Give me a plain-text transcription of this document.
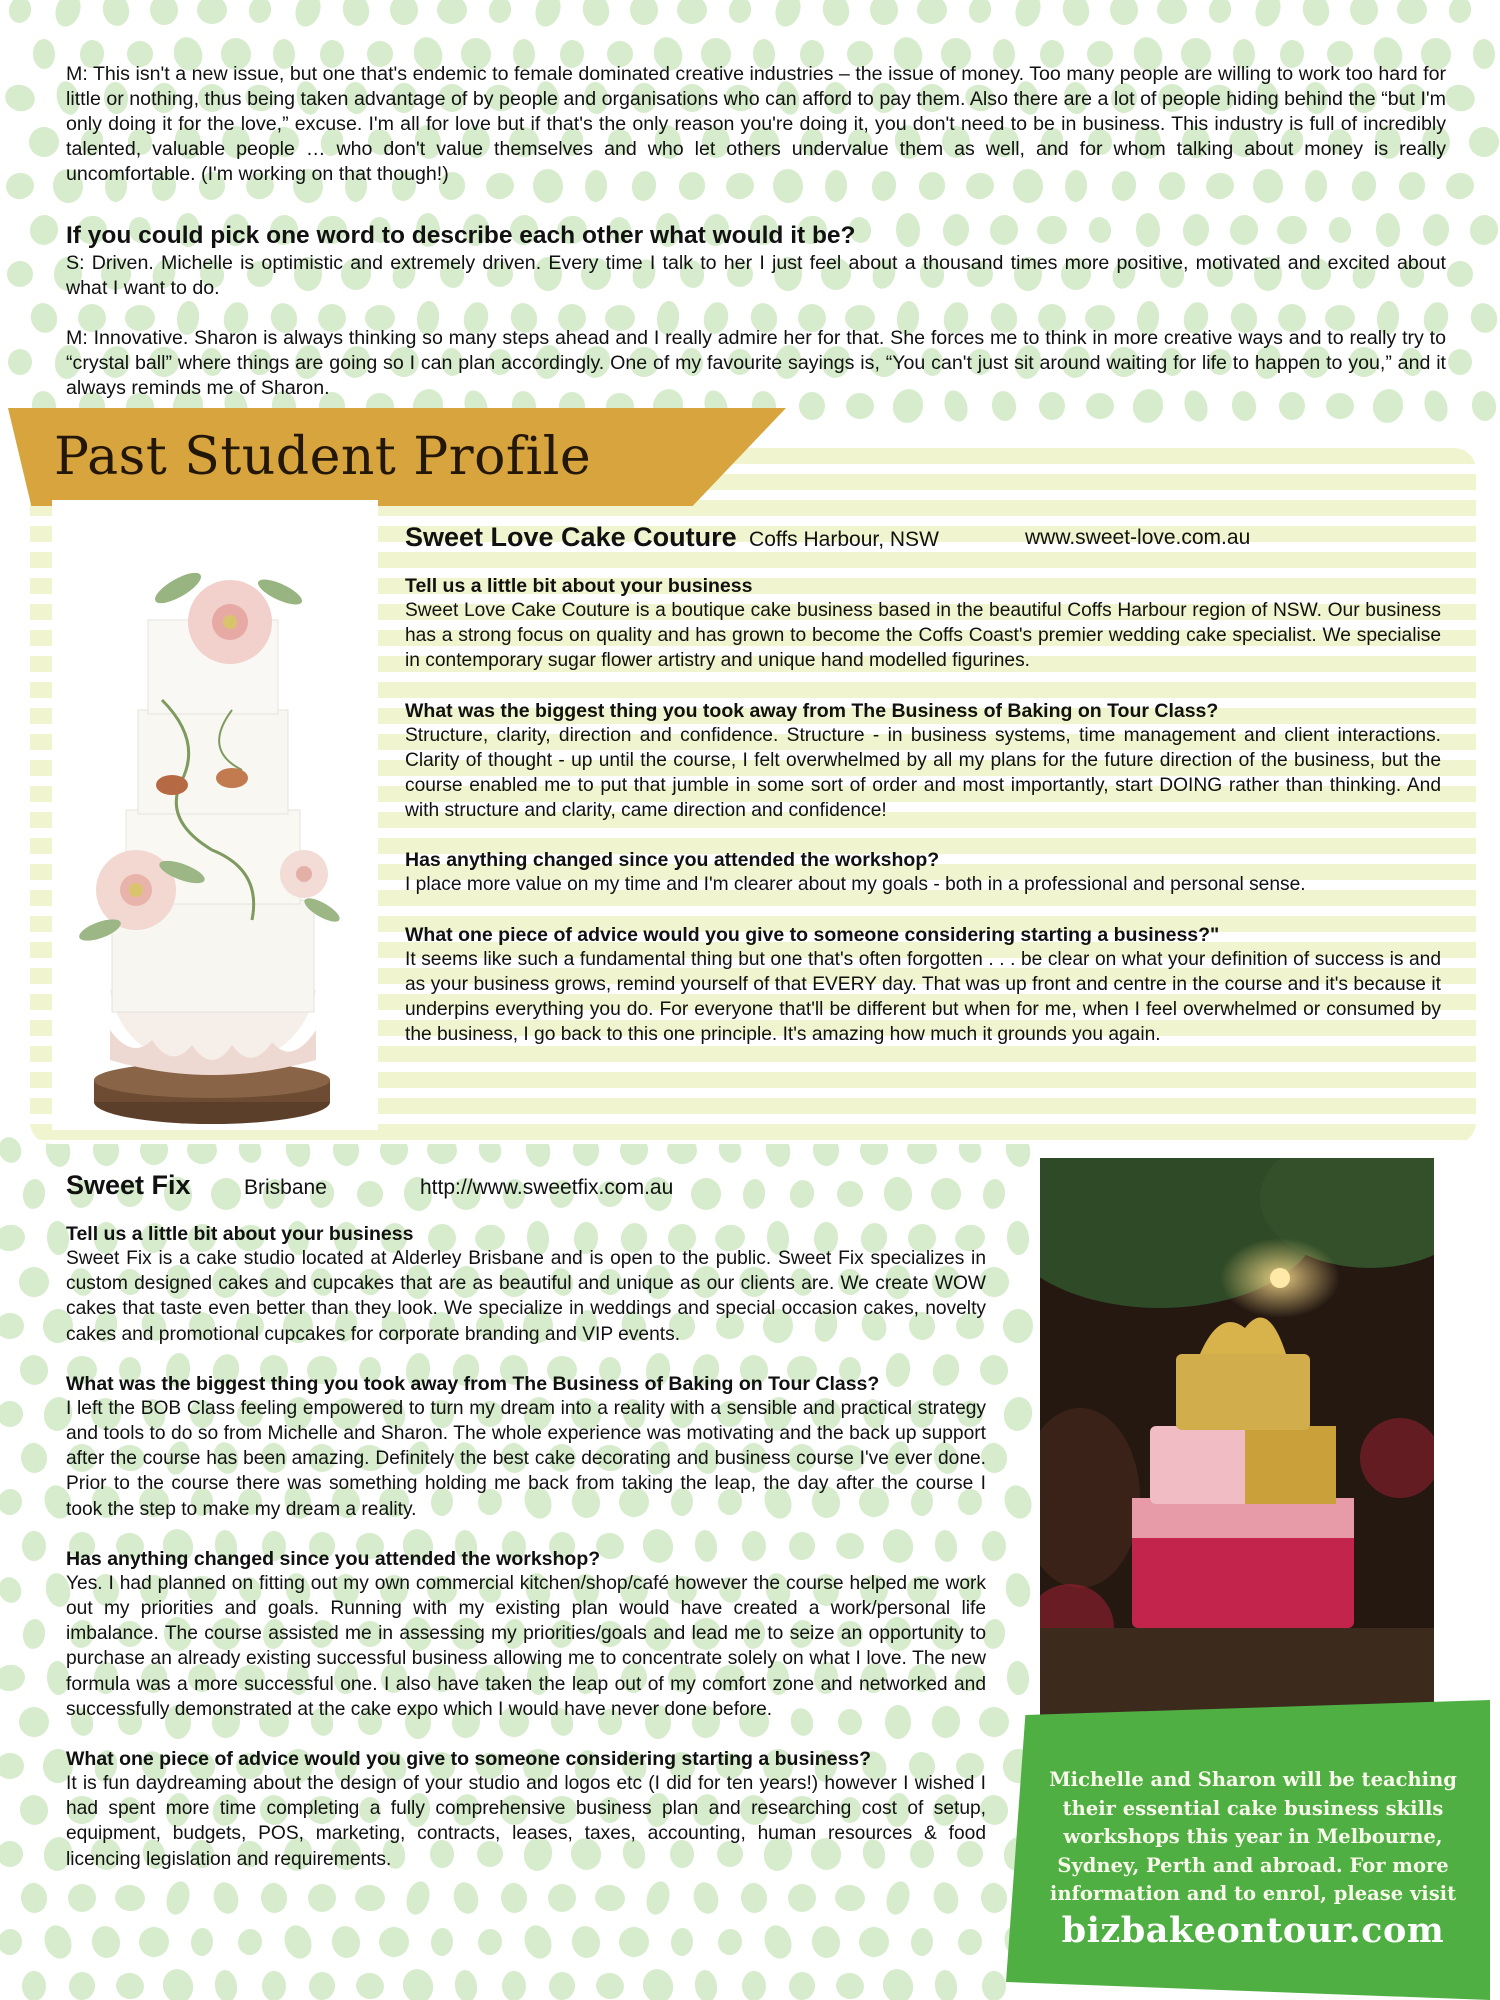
M: This isn't a new issue, but one that's endemic to female dominated creative industries – the issue of money. Too many people are willing to work too hard for little or nothing, thus being taken advantage of by people and organisations who can afford to pay them. Also there are a lot of people hiding behind the “but I'm only doing it for the love,” excuse. I'm all for love but if that's the only reason you're doing it, you don't need to be in business. This industry is full of incredibly talented, valuable people … who don't value themselves and who let others undervalue them as well, and for whom talking about money is really uncomfortable. (I'm working on that though!)

If you could pick one word to describe each other what would it be?

S: Driven. Michelle is optimistic and extremely driven. Every time I talk to her I just feel about a thousand times more positive, motivated and excited about what I want to do.

M: Innovative. Sharon is always thinking so many steps ahead and I really admire her for that. She forces me to think in more creative ways and to really try to “crystal ball” where things are going so I can plan accordingly. One of my favourite sayings is, “You can't just sit around waiting for life to happen to you,” and it always reminds me of Sharon.

Past Student Profile
Sweet Love Cake Couture Coffs Harbour, NSW	www.sweet-love.com.au
Tell us a little bit about your business

Sweet Love Cake Couture is a boutique cake business based in the beautiful Coffs Harbour region of NSW. Our business has a strong focus on quality and has grown to become the Coffs Coast's premier wedding cake specialist. We specialise in contemporary sugar flower artistry and unique hand modelled figurines.

What was the biggest thing you took away from The Business of Baking on Tour Class?

Structure, clarity, direction and confidence. Structure - in business systems, time management and client interactions. Clarity of thought - up until the course, I felt overwhelmed by all my plans for the future direction of the business, but the course enabled me to put that jumble in some sort of order and most importantly, start DOING rather than thinking. And with structure and clarity, came direction and confidence!

Has anything changed since you attended the workshop?

I place more value on my time and I'm clearer about my goals - both in a professional and personal sense.

What one piece of advice would you give to someone considering starting a business?"

It seems like such a fundamental thing but one that's often forgotten . . . be clear on what your definition of success is and as your business grows, remind yourself of that EVERY day. That was up front and centre in the course and it's because it underpins everything you do. For everyone that'll be different but when for me, when I feel overwhelmed or consumed by the business, I go back to this one principle. It's amazing how much it grounds you again.

Sweet Fix	Brisbane	http://www.sweetfix.com.au
Tell us a little bit about your business

Sweet Fix is a cake studio located at Alderley Brisbane and is open to the public. Sweet Fix specializes in custom designed cakes and cupcakes that are as beautiful and unique as our clients are. We create WOW cakes that taste even better than they look. We specialize in weddings and special occasion cakes, novelty cakes and promotional cupcakes for corporate branding and VIP events.

What was the biggest thing you took away from The Business of Baking on Tour Class?

I left the BOB Class feeling empowered to turn my dream into a reality with a sensible and practical strategy and tools to do so from Michelle and Sharon. The whole experience was motivating and the back up support after the course has been amazing. Definitely the best cake decorating and business course I've ever done. Prior to the course there was something holding me back from taking the leap, the day after the course I took the step to make my dream a reality.

Has anything changed since you attended the workshop?

Yes. I had planned on fitting out my own commercial kitchen/shop/café however the course helped me work out my priorities and goals. Running with my existing plan would have created a work/personal life imbalance. The course assisted me in assessing my priorities/goals and lead me to seize an opportunity to purchase an already existing successful business allowing me to concentrate solely on what I love. The new formula was a more successful one. I also have taken the leap out of my comfort zone and networked and successfully demonstrated at the cake expo which I would have never done before.

What one piece of advice would you give to someone considering starting a business?

It is fun daydreaming about the design of your studio and logos etc (I did for ten years!) however I wished I had spent more time completing a fully comprehensive business plan and researching cost of setup, equipment, budgets, POS, marketing, contracts, leases, taxes, accounting, human resources & food licencing legislation and requirements.

Michelle and Sharon will be teaching their essential cake business skills workshops this year in Melbourne, Sydney, Perth and abroad. For more information and to enrol, please visit
bizbakeontour.com
